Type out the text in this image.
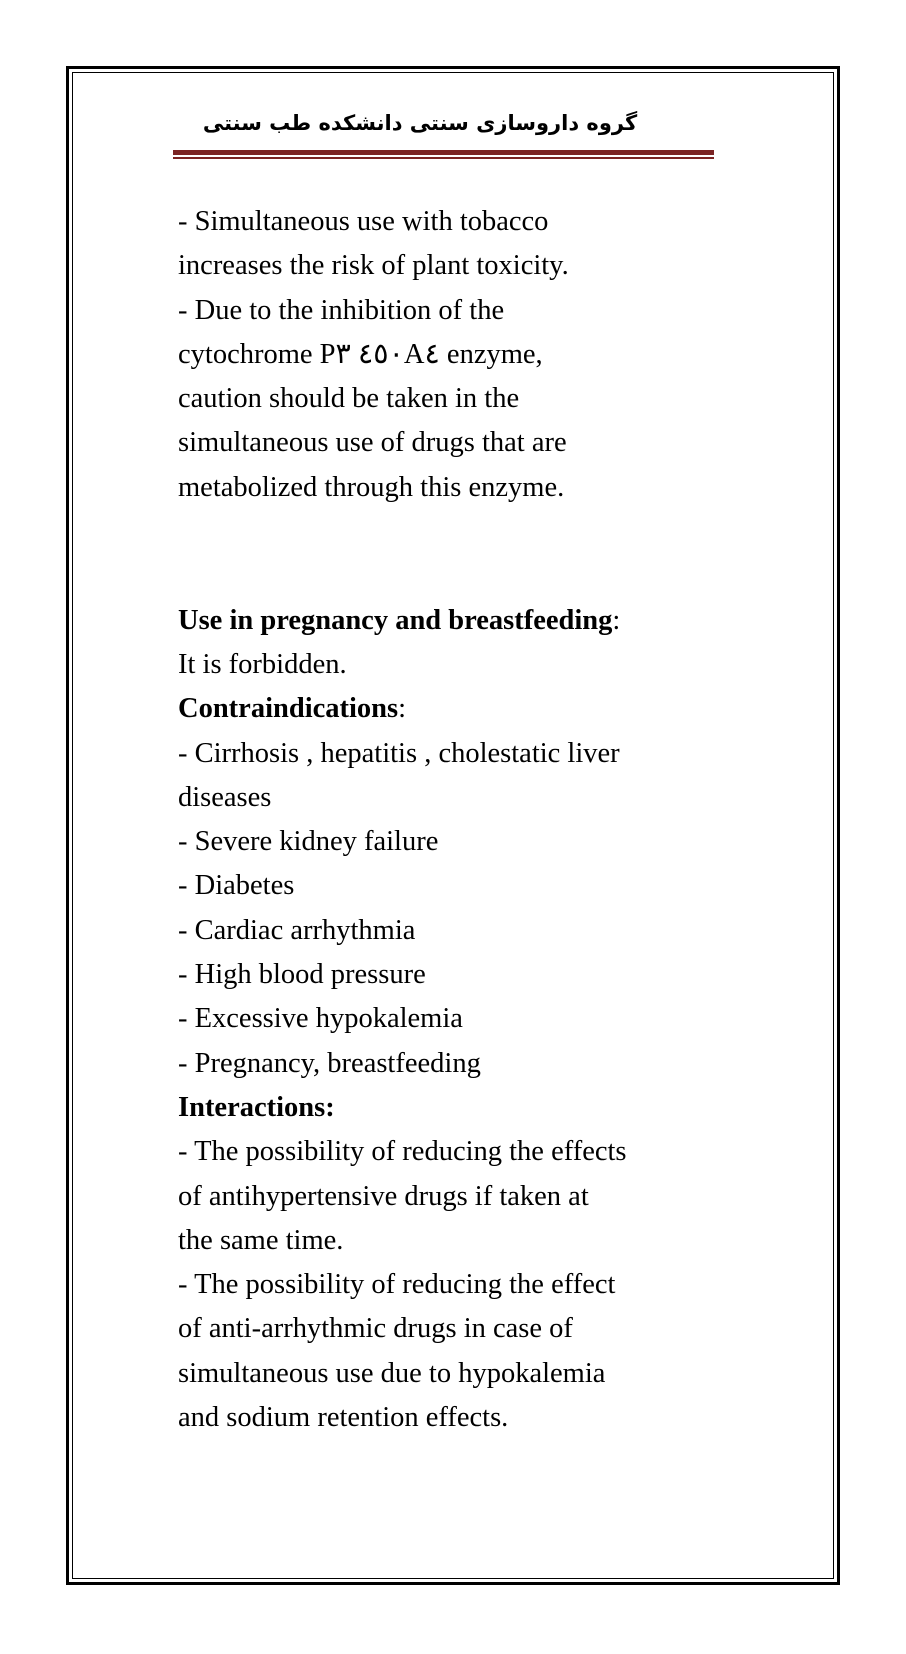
گروه داروسازی سنتی دانشکده طب سنتی
- Simultaneous use with tobacco
increases the risk of plant toxicity.
- Due to the inhibition of the
cytochrome P٤٥٠ ٣A٤ enzyme,
caution should be taken in the
simultaneous use of drugs that are
metabolized through this enzyme.
Use in pregnancy and breastfeeding:
It is forbidden.
Contraindications:
- Cirrhosis , hepatitis , cholestatic liver
diseases
- Severe kidney failure
- Diabetes
- Cardiac arrhythmia
- High blood pressure
- Excessive hypokalemia
- Pregnancy, breastfeeding
Interactions:
- The possibility of reducing the effects
of antihypertensive drugs if taken at
the same time.
- The possibility of reducing the effect
of anti-arrhythmic drugs in case of
simultaneous use due to hypokalemia
and sodium retention effects.
